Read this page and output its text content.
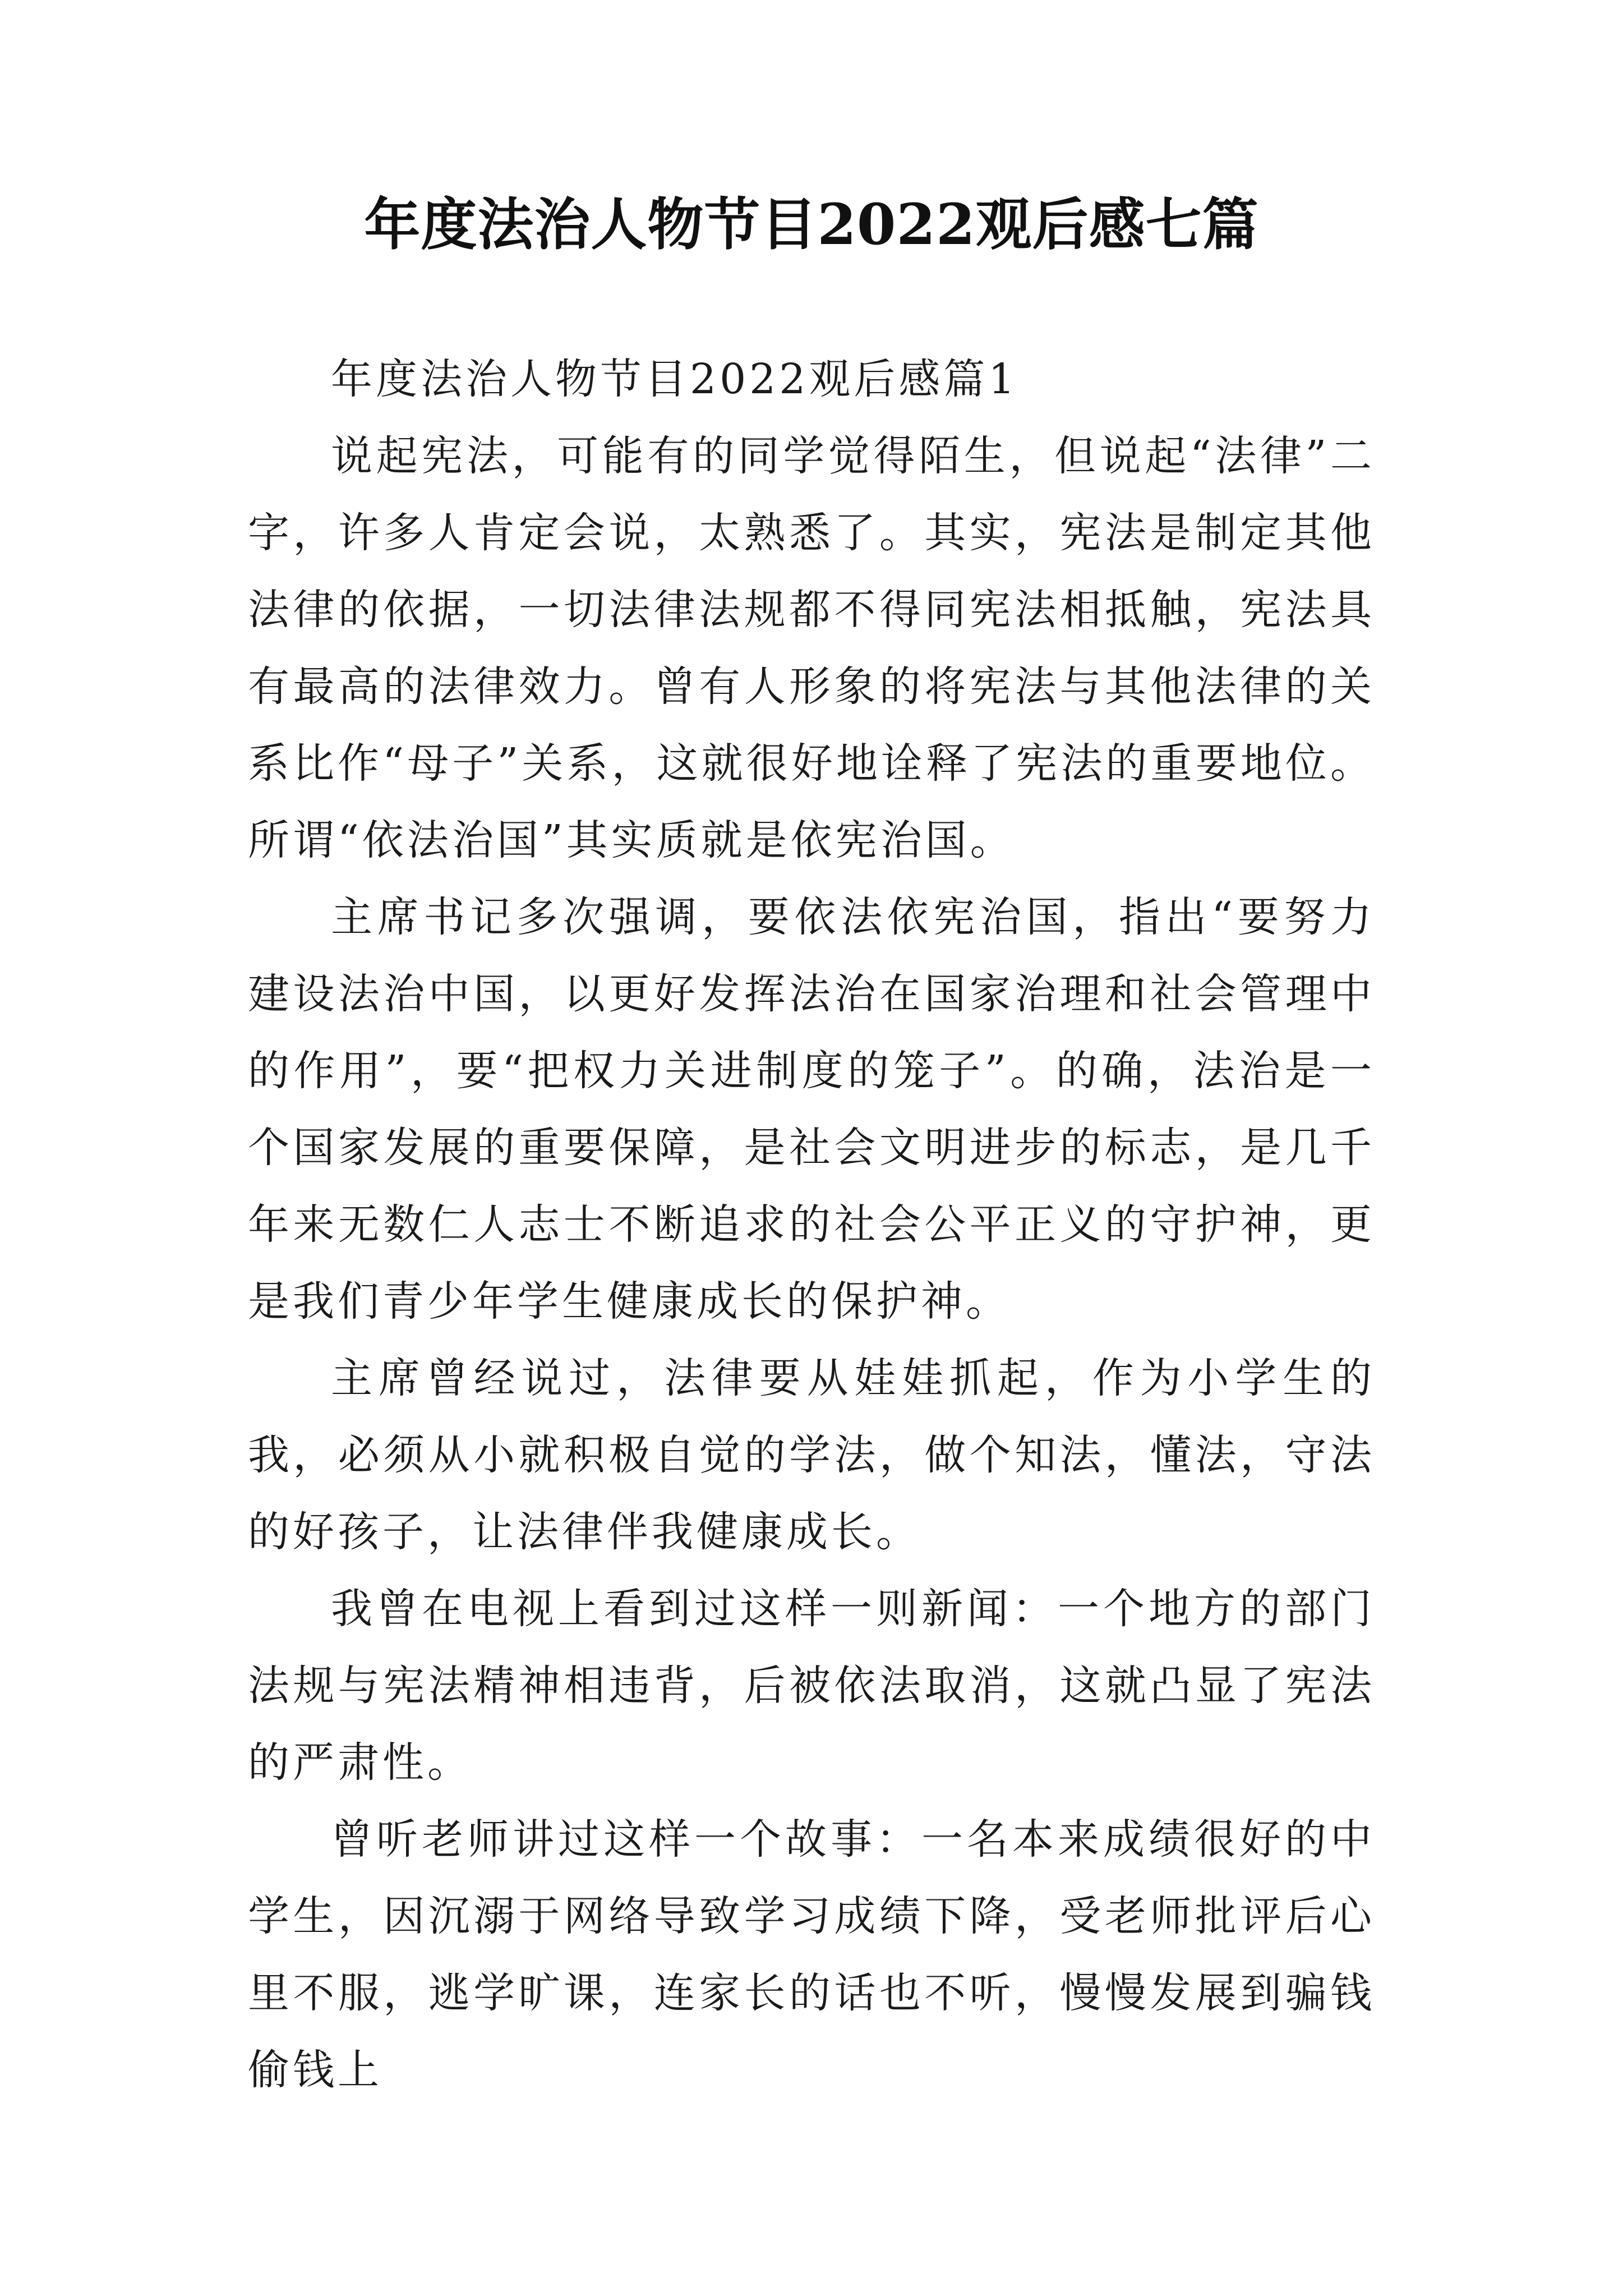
年度法治人物节目2022观后感七篇

年度法治人物节目2022观后感篇1

说起宪法，可能有的同学觉得陌生，但说起“法律”二字，许多人肯定会说，太熟悉了。其实，宪法是制定其他法律的依据，一切法律法规都不得同宪法相抵触，宪法具有最高的法律效力。曾有人形象的将宪法与其他法律的关系比作“母子”关系，这就很好地诠释了宪法的重要地位。所谓“依法治国”其实质就是依宪治国。

主席书记多次强调，要依法依宪治国，指出“要努力建设法治中国，以更好发挥法治在国家治理和社会管理中的作用”，要“把权力关进制度的笼子”。的确，法治是一个国家发展的重要保障，是社会文明进步的标志，是几千年来无数仁人志士不断追求的社会公平正义的守护神，更是我们青少年学生健康成长的保护神。

主席曾经说过，法律要从娃娃抓起，作为小学生的我，必须从小就积极自觉的学法，做个知法，懂法，守法的好孩子，让法律伴我健康成长。

我曾在电视上看到过这样一则新闻：一个地方的部门法规与宪法精神相违背，后被依法取消，这就凸显了宪法的严肃性。

曾听老师讲过这样一个故事：一名本来成绩很好的中学生，因沉溺于网络导致学习成绩下降，受老师批评后心里不服，逃学旷课，连家长的话也不听，慢慢发展到骗钱偷钱上
